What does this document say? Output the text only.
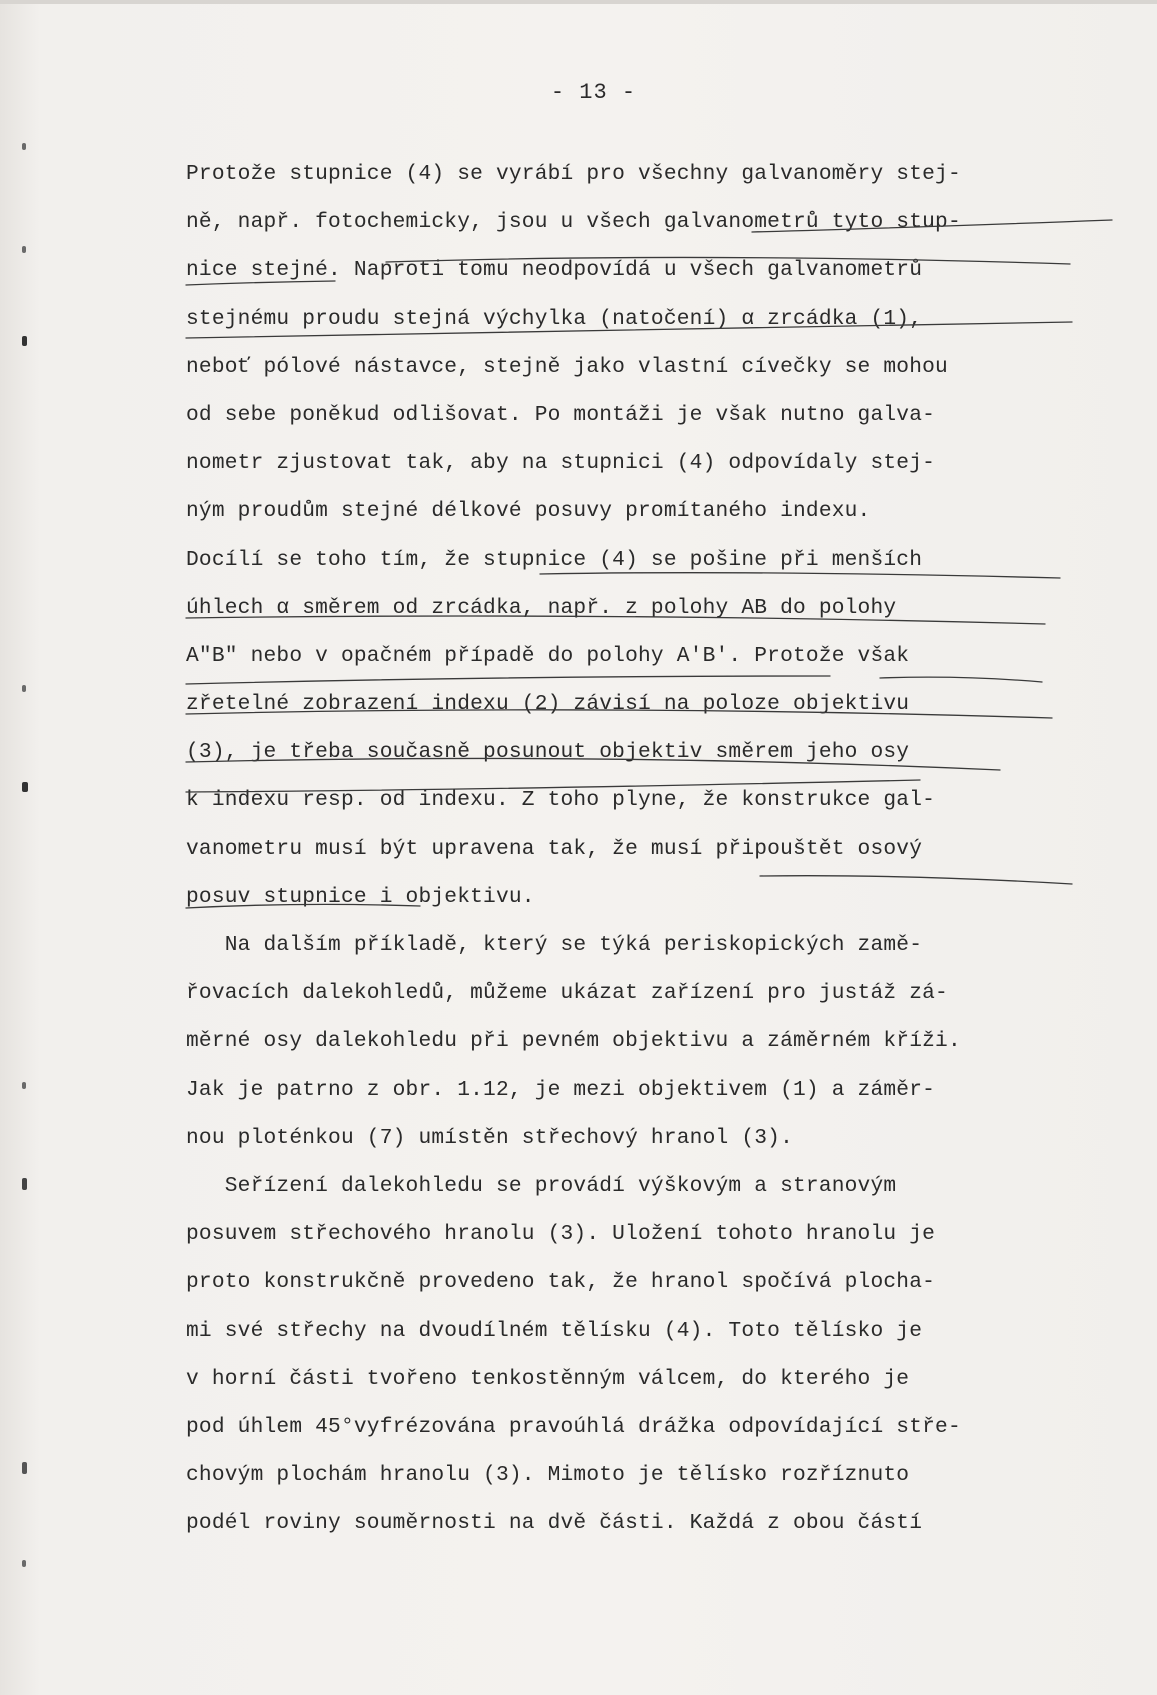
- 13 -
Protože stupnice (4) se vyrábí pro všechny galvanoměry stej-
ně, např. fotochemicky, jsou u všech galvanometrů tyto stup-
nice stejné. Naproti tomu neodpovídá u všech galvanometrů
stejnému proudu stejná výchylka (natočení) α zrcádka (1),
neboť pólové nástavce, stejně jako vlastní cívečky se mohou
od sebe poněkud odlišovat. Po montáži je však nutno galva-
nometr zjustovat tak, aby na stupnici (4) odpovídaly stej-
ným proudům stejné délkové posuvy promítaného indexu.
Docílí se toho tím, že stupnice (4) se pošine při menších
úhlech α směrem od zrcádka, např. z polohy AB do polohy
A"B" nebo v opačném případě do polohy A'B'. Protože však
zřetelné zobrazení indexu (2) závisí na poloze objektivu
(3), je třeba současně posunout objektiv směrem jeho osy
k indexu resp. od indexu. Z toho plyne, že konstrukce gal-
vanometru musí být upravena tak, že musí připouštět osový
posuv stupnice i objektivu.
Na dalším příkladě, který se týká periskopických zamě-
řovacích dalekohledů, můžeme ukázat zařízení pro justáž zá-
měrné osy dalekohledu při pevném objektivu a záměrném kříži.
Jak je patrno z obr. 1.12, je mezi objektivem (1) a záměr-
nou ploténkou (7) umístěn střechový hranol (3).
Seřízení dalekohledu se provádí výškovým a stranovým
posuvem střechového hranolu (3). Uložení tohoto hranolu je
proto konstrukčně provedeno tak, že hranol spočívá plocha-
mi své střechy na dvoudílném tělísku (4). Toto tělísko je
v horní části tvořeno tenkostěnným válcem, do kterého je
pod úhlem 45°vyfrézována pravoúhlá drážka odpovídající stře-
chovým plochám hranolu (3). Mimoto je tělísko rozříznuto
podél roviny souměrnosti na dvě části. Každá z obou částí
